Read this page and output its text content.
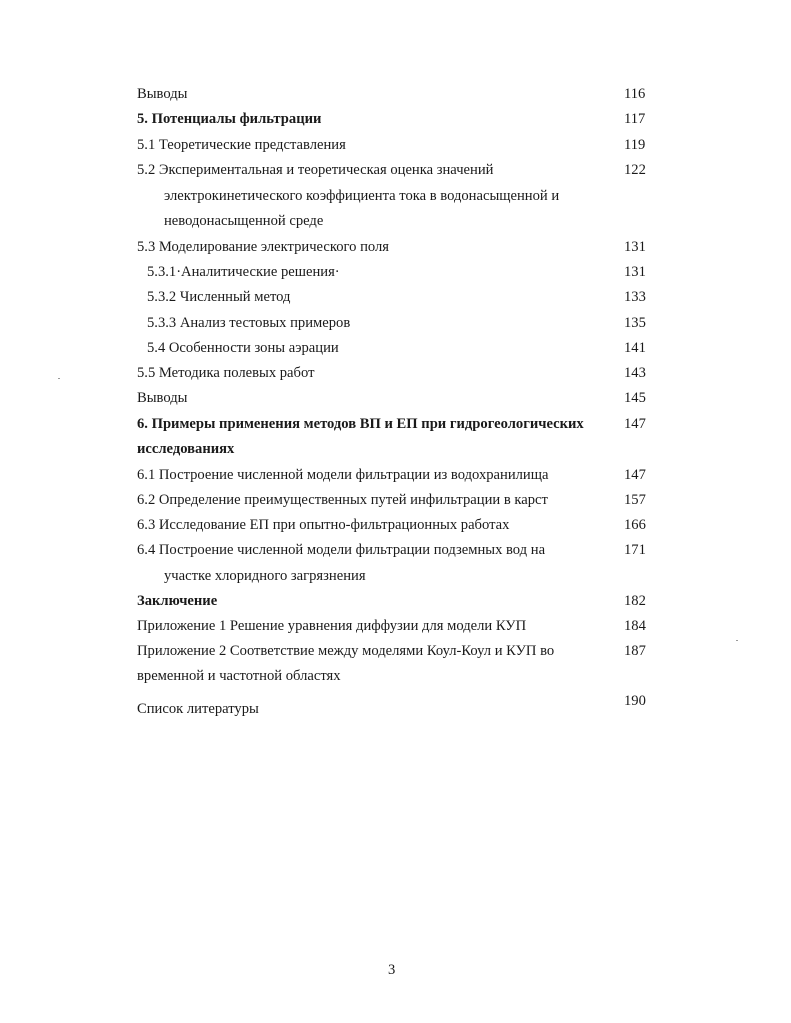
Выводы	116
5. Потенциалы фильтрации	117
5.1 Теоретические представления	119
5.2 Экспериментальная и теоретическая оценка значений	122
электрокинетического коэффициента тока в водонасыщенной и
неводонасыщенной среде
5.3 Моделирование электрического поля	131
5.3.1·Аналитические решения·	131
5.3.2 Численный метод	133
5.3.3 Анализ тестовых примеров	135
5.4 Особенности зоны аэрации	141
5.5 Методика полевых работ	143
Выводы	145
6. Примеры применения методов ВП и ЕП при гидрогеологических	147
исследованиях
6.1 Построение численной модели фильтрации из водохранилища	147
6.2 Определение преимущественных путей инфильтрации в карст	157
6.3 Исследование ЕП при опытно-фильтрационных работах	166
6.4 Построение численной модели фильтрации подземных вод на	171
участке хлоридного загрязнения
Заключение	182
Приложение 1 Решение уравнения диффузии для модели КУП	184
Приложение 2 Соответствие между моделями Коул-Коул и КУП во	187
временной и частотной областях
Список литературы	190
3
